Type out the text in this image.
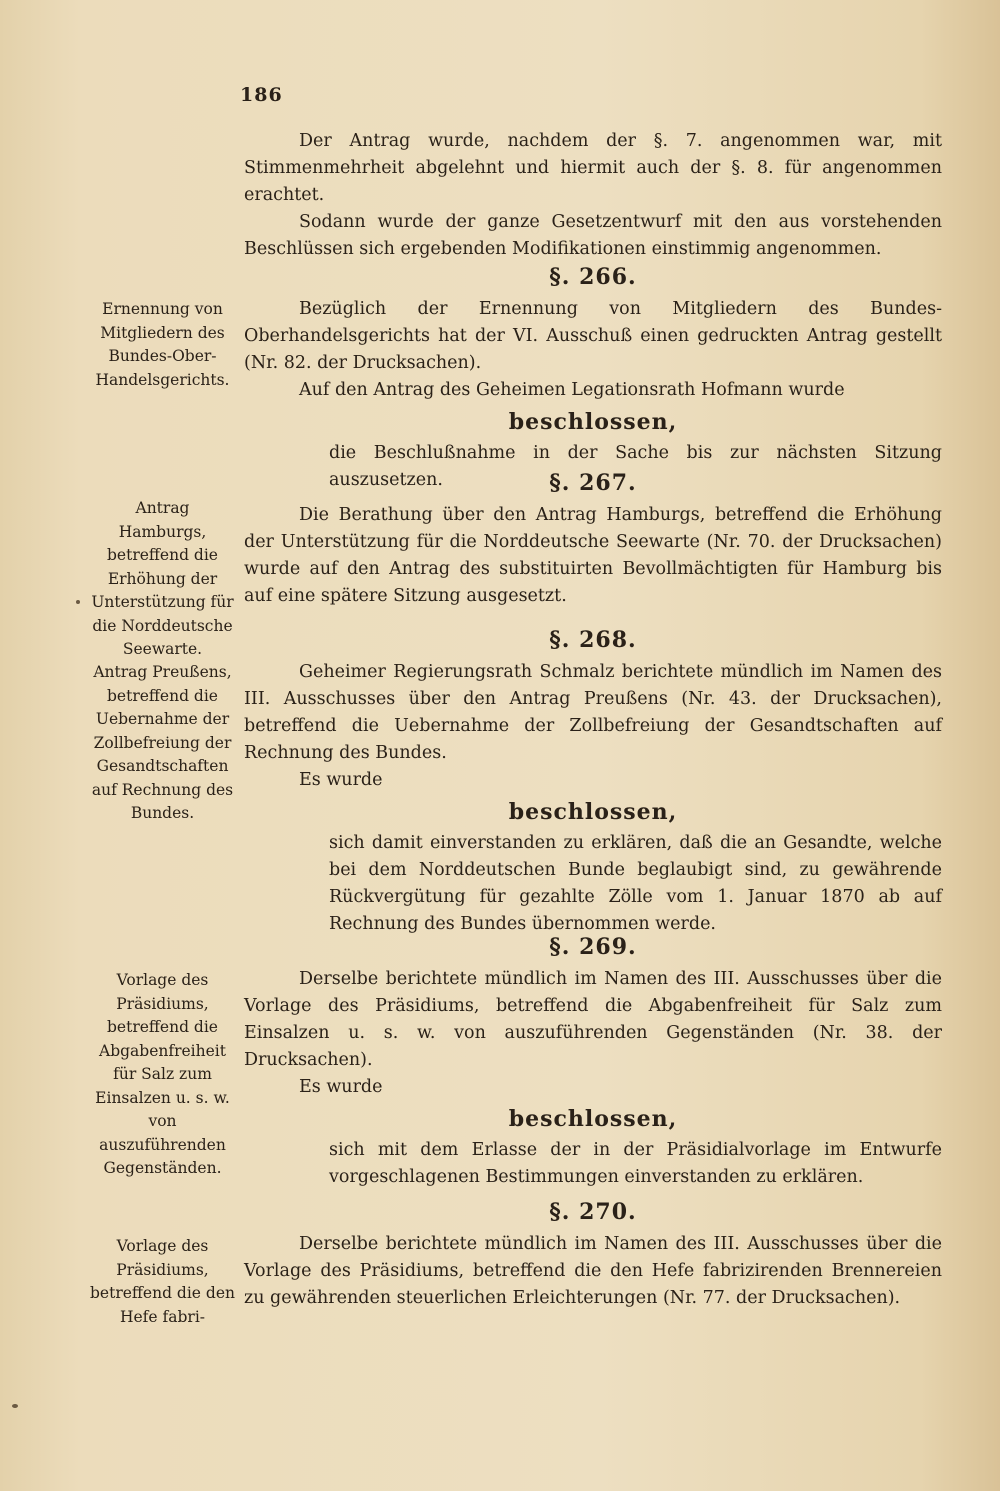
186

Der Antrag wurde, nachdem der §. 7. angenommen war, mit Stimmenmehrheit abgelehnt und hiermit auch der §. 8. für angenommen erachtet.

Sodann wurde der ganze Gesetzentwurf mit den aus vorstehenden Beschlüssen sich ergebenden Modifikationen einstimmig angenommen.

Ernennung von Mitgliedern des Bundes-Ober-Handelsgerichts.
§. 266.

Bezüglich der Ernennung von Mitgliedern des Bundes-Oberhandelsgerichts hat der VI. Ausschuß einen gedruckten Antrag gestellt (Nr. 82. der Drucksachen).

Auf den Antrag des Geheimen Legationsrath Hofmann wurde

beschlossen,

die Beschlußnahme in der Sache bis zur nächsten Sitzung auszusetzen.

Antrag Hamburgs, betreffend die Erhöhung der Unterstützung für die Norddeutsche Seewarte.
§. 267.

Die Berathung über den Antrag Hamburgs, betreffend die Erhöhung der Unterstützung für die Norddeutsche Seewarte (Nr. 70. der Drucksachen) wurde auf den Antrag des substituirten Bevollmächtigten für Hamburg bis auf eine spätere Sitzung ausgesetzt.

Antrag Preußens, betreffend die Uebernahme der Zollbefreiung der Gesandtschaften auf Rechnung des Bundes.
§. 268.

Geheimer Regierungsrath Schmalz berichtete mündlich im Namen des III. Ausschusses über den Antrag Preußens (Nr. 43. der Drucksachen), betreffend die Uebernahme der Zollbefreiung der Gesandtschaften auf Rechnung des Bundes.

Es wurde

beschlossen,

sich damit einverstanden zu erklären, daß die an Gesandte, welche bei dem Norddeutschen Bunde beglaubigt sind, zu gewährende Rückvergütung für gezahlte Zölle vom 1. Januar 1870 ab auf Rechnung des Bundes übernommen werde.

Vorlage des Präsidiums, betreffend die Abgabenfreiheit für Salz zum Einsalzen u. s. w. von auszuführenden Gegenständen.
§. 269.

Derselbe berichtete mündlich im Namen des III. Ausschusses über die Vorlage des Präsidiums, betreffend die Abgabenfreiheit für Salz zum Einsalzen u. s. w. von auszuführenden Gegenständen (Nr. 38. der Drucksachen).

Es wurde

beschlossen,

sich mit dem Erlasse der in der Präsidialvorlage im Entwurfe vorgeschlagenen Bestimmungen einverstanden zu erklären.

Vorlage des Präsidiums, betreffend die den Hefe fabri-
§. 270.

Derselbe berichtete mündlich im Namen des III. Ausschusses über die Vorlage des Präsidiums, betreffend die den Hefe fabrizirenden Brennereien zu gewährenden steuerlichen Erleichterungen (Nr. 77. der Drucksachen).
